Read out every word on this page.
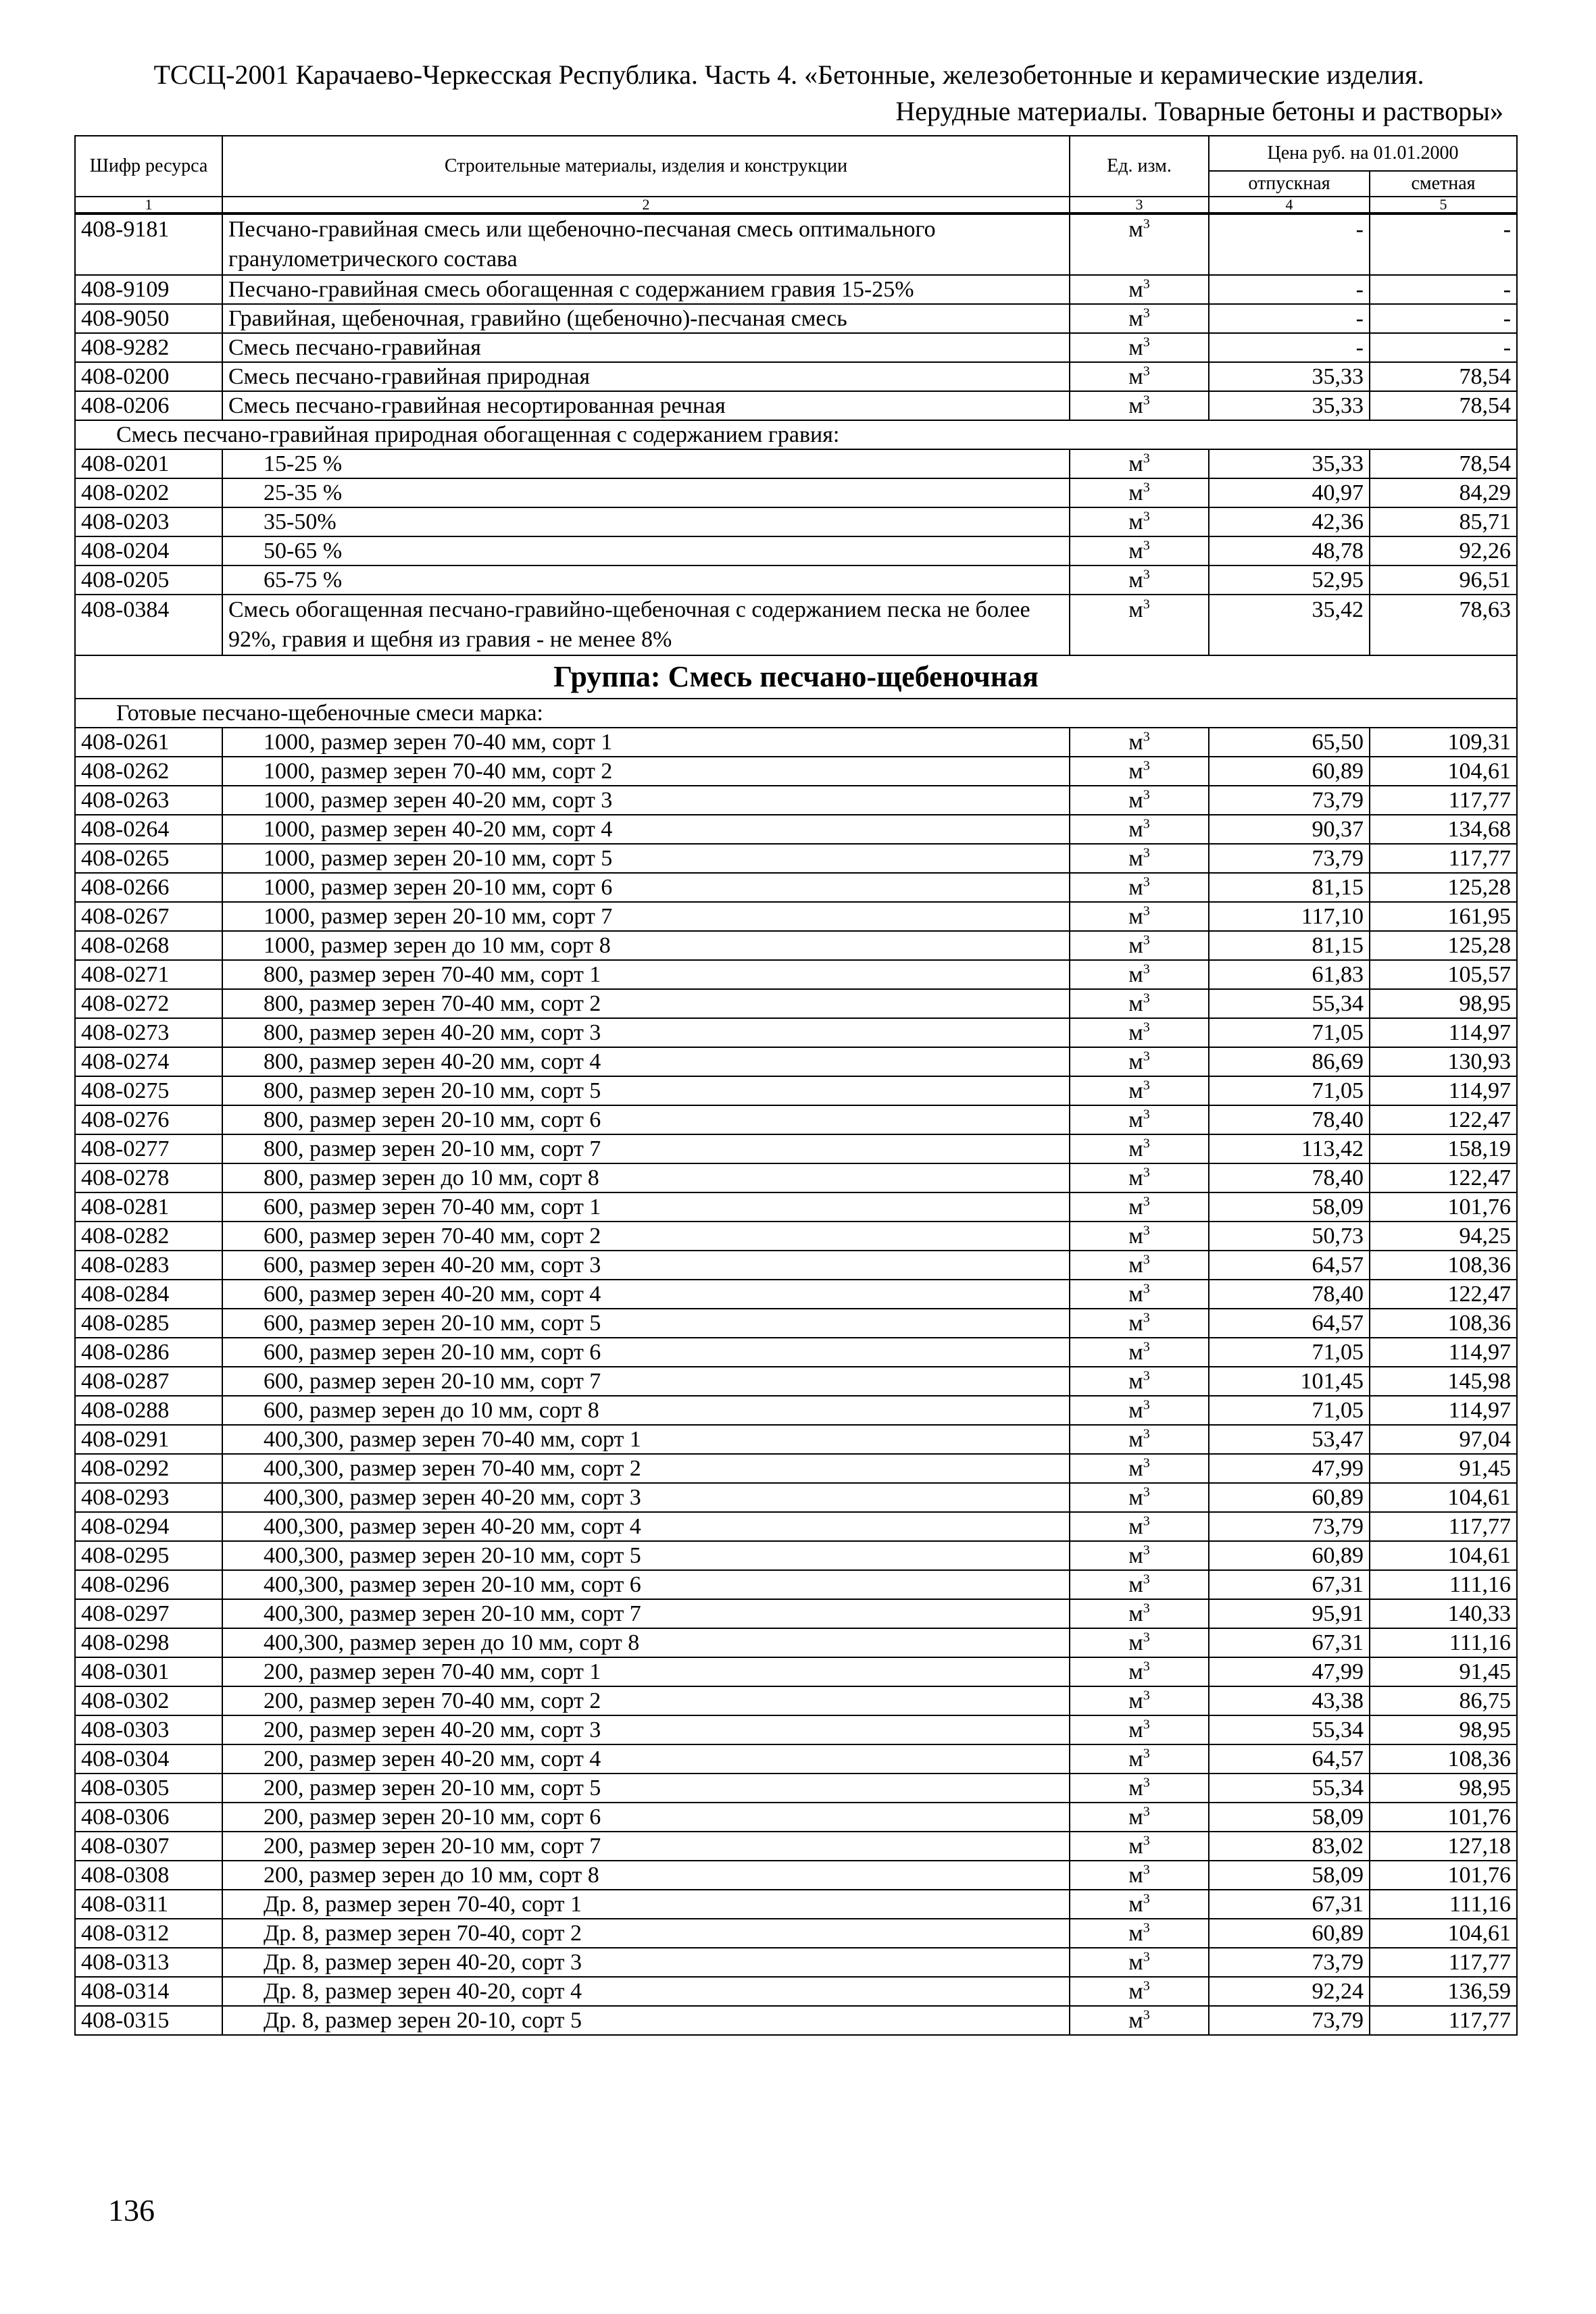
ТССЦ-2001 Карачаево-Черкесская Республика. Часть 4. «Бетонные, железобетонные и керамические изделия.
Нерудные материалы. Товарные бетоны и растворы»
Шифр ресурса	Строительные материалы, изделия и конструкции	Ед. изм.	Цена руб. на 01.01.2000	
			отпускная	сметная
1	2	3	4	5
408-9181	Песчано-гравийная смесь или щебеночно-песчаная смесь оптимального гранулометрического состава	$м^3$	-	-
408-9109	Песчано-гравийная смесь обогащенная с содержанием гравия 15-25%	$м^3$	-	-
408-9050	Гравийная, щебеночная, гравийно (щебеночно)-песчаная смесь	$м^3$	-	-
408-9282	Смесь песчано-гравийная	$м^3$	-	-
408-0200	Смесь песчано-гравийная природная	$м^3$	35,33	78,54
408-0206	Смесь песчано-гравийная несортированная речная	$м^3$	35,33	78,54
Смесь песчано-гравийная природная обогащенная с содержанием гравия:				
408-0201	15-25 %	$м^3$	35,33	78,54
408-0202	25-35 %	$м^3$	40,97	84,29
408-0203	35-50%	$м^3$	42,36	85,71
408-0204	50-65 %	$м^3$	48,78	92,26
408-0205	65-75 %	$м^3$	52,95	96,51
408-0384	Смесь обогащенная песчано-гравийно-щебеночная с содержанием песка не более 92%, гравия и щебня из гравия - не менее 8%	$м^3$	35,42	78,63
Группа: Смесь песчано-щебеночная				
Готовые песчано-щебеночные смеси марка:				
408-0261	1000, размер зерен 70-40 мм, сорт 1	$м^3$	65,50	109,31
408-0262	1000, размер зерен 70-40 мм, сорт 2	$м^3$	60,89	104,61
408-0263	1000, размер зерен 40-20 мм, сорт 3	$м^3$	73,79	117,77
408-0264	1000, размер зерен 40-20 мм, сорт 4	$м^3$	90,37	134,68
408-0265	1000, размер зерен 20-10 мм, сорт 5	$м^3$	73,79	117,77
408-0266	1000, размер зерен 20-10 мм, сорт 6	$м^3$	81,15	125,28
408-0267	1000, размер зерен 20-10 мм, сорт 7	$м^3$	117,10	161,95
408-0268	1000, размер зерен до 10 мм, сорт 8	$м^3$	81,15	125,28
408-0271	800, размер зерен 70-40 мм, сорт 1	$м^3$	61,83	105,57
408-0272	800, размер зерен 70-40 мм, сорт 2	$м^3$	55,34	98,95
408-0273	800, размер зерен 40-20 мм, сорт 3	$м^3$	71,05	114,97
408-0274	800, размер зерен 40-20 мм, сорт 4	$м^3$	86,69	130,93
408-0275	800, размер зерен 20-10 мм, сорт 5	$м^3$	71,05	114,97
408-0276	800, размер зерен 20-10 мм, сорт 6	$м^3$	78,40	122,47
408-0277	800, размер зерен 20-10 мм, сорт 7	$м^3$	113,42	158,19
408-0278	800, размер зерен до 10 мм, сорт 8	$м^3$	78,40	122,47
408-0281	600, размер зерен 70-40 мм, сорт 1	$м^3$	58,09	101,76
408-0282	600, размер зерен 70-40 мм, сорт 2	$м^3$	50,73	94,25
408-0283	600, размер зерен 40-20 мм, сорт 3	$м^3$	64,57	108,36
408-0284	600, размер зерен 40-20 мм, сорт 4	$м^3$	78,40	122,47
408-0285	600, размер зерен 20-10 мм, сорт 5	$м^3$	64,57	108,36
408-0286	600, размер зерен 20-10 мм, сорт 6	$м^3$	71,05	114,97
408-0287	600, размер зерен 20-10 мм, сорт 7	$м^3$	101,45	145,98
408-0288	600, размер зерен до 10 мм, сорт 8	$м^3$	71,05	114,97
408-0291	400,300, размер зерен 70-40 мм, сорт 1	$м^3$	53,47	97,04
408-0292	400,300, размер зерен 70-40 мм, сорт 2	$м^3$	47,99	91,45
408-0293	400,300, размер зерен 40-20 мм, сорт 3	$м^3$	60,89	104,61
408-0294	400,300, размер зерен 40-20 мм, сорт 4	$м^3$	73,79	117,77
408-0295	400,300, размер зерен 20-10 мм, сорт 5	$м^3$	60,89	104,61
408-0296	400,300, размер зерен 20-10 мм, сорт 6	$м^3$	67,31	111,16
408-0297	400,300, размер зерен 20-10 мм, сорт 7	$м^3$	95,91	140,33
408-0298	400,300, размер зерен до 10 мм, сорт 8	$м^3$	67,31	111,16
408-0301	200, размер зерен 70-40 мм, сорт 1	$м^3$	47,99	91,45
408-0302	200, размер зерен 70-40 мм, сорт 2	$м^3$	43,38	86,75
408-0303	200, размер зерен 40-20 мм, сорт 3	$м^3$	55,34	98,95
408-0304	200, размер зерен 40-20 мм, сорт 4	$м^3$	64,57	108,36
408-0305	200, размер зерен 20-10 мм, сорт 5	$м^3$	55,34	98,95
408-0306	200, размер зерен 20-10 мм, сорт 6	$м^3$	58,09	101,76
408-0307	200, размер зерен 20-10 мм, сорт 7	$м^3$	83,02	127,18
408-0308	200, размер зерен до 10 мм, сорт 8	$м^3$	58,09	101,76
408-0311	Др. 8, размер зерен 70-40, сорт 1	$м^3$	67,31	111,16
408-0312	Др. 8, размер зерен 70-40, сорт 2	$м^3$	60,89	104,61
408-0313	Др. 8, размер зерен 40-20, сорт 3	$м^3$	73,79	117,77
408-0314	Др. 8, размер зерен 40-20, сорт 4	$м^3$	92,24	136,59
408-0315	Др. 8, размер зерен 20-10, сорт 5	$м^3$	73,79	117,77
136
